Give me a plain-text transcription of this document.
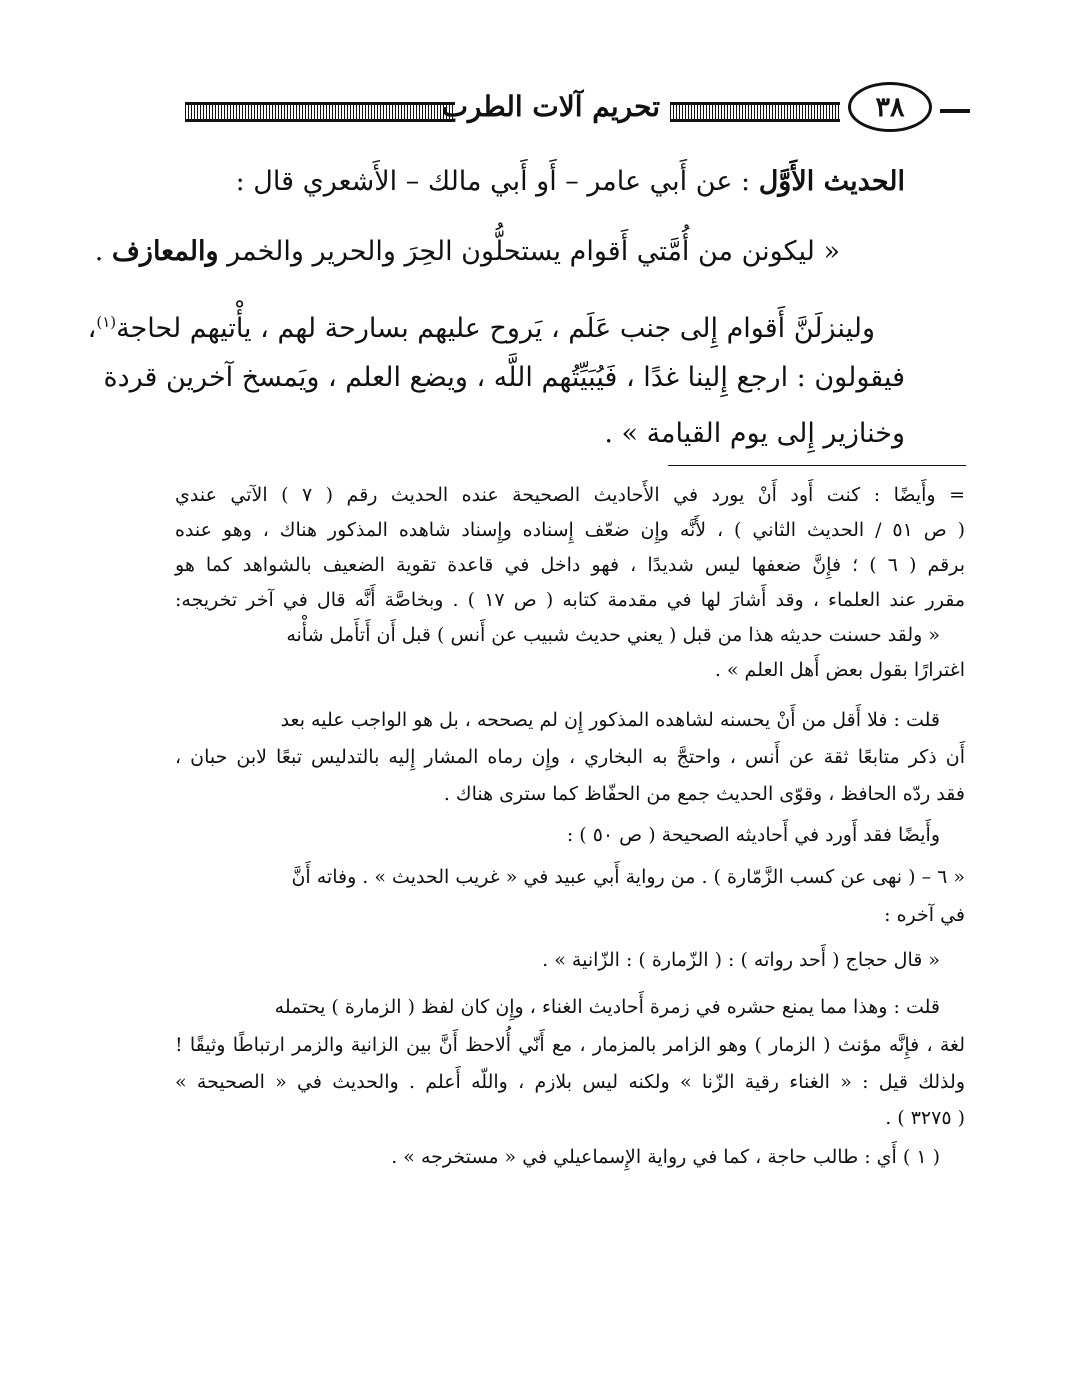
تحريم آلات الطرب	٣٨
الحديث الأَوَّل : عن أَبي عامر – أَو أَبي مالك – الأَشعري قال :
« ليكونن من أُمَّتي أَقوام يستحلُّون الحِرَ والحرير والخمر والمعازف .
ولينزلَنَّ أَقوام إِلى جنب عَلَم ، يَروح عليهم بسارحة لهم ، يأْتيهم لحاجة$^{(١)}$،
فيقولون : ارجع إِلينا غدًا ، فَيُبَيِّتُهم اللَّه ، ويضع العلم ، ويَمسخ آخرين قردة
وخنازير إِلى يوم القيامة » .
= وأَيضًا : كنت أَود أَنْ يورد في الأَحاديث الصحيحة عنده الحديث رقم ( ٧ ) الآتي عندي
( ص ٥١ / الحديث الثاني ) ، لأَنَّه وإِن ضعّف إِسناده وإِسناد شاهده المذكور هناك ، وهو عنده
برقم ( ٦ ) ؛ فإِنَّ ضعفها ليس شديدًا ، فهو داخل في قاعدة تقوية الضعيف بالشواهد كما هو
مقرر عند العلماء ، وقد أَشارَ لها في مقدمة كتابه ( ص ١٧ ) . وبخاصَّة أَنَّه قال في آخر تخريجه:
« ولقد حسنت حديثه هذا من قبل ( يعني حديث شبيب عن أَنس ) قبل أَن أَتأَمل شأْنه
اغترارًا بقول بعض أَهل العلم » .
قلت : فلا أَقل من أَنْ يحسنه لشاهده المذكور إِن لم يصححه ، بل هو الواجب عليه بعد
أَن ذكر متابعًا ثقة عن أَنس ، واحتجَّ به البخاري ، وإِن رماه المشار إِليه بالتدليس تبعًا لابن حبان ،
فقد ردّه الحافظ ، وقوّى الحديث جمع من الحفّاظ كما سترى هناك .
وأَيضًا فقد أَورد في أَحاديثه الصحيحة ( ص ٥٠ ) :
« ٦ – ( نهى عن كسب الزَّمّارة ) . من رواية أَبي عبيد في « غريب الحديث » . وفاته أَنَّ
في آخره :
« قال حجاج ( أَحد رواته ) : ( الزّمارة ) : الزّانية » .
قلت : وهذا مما يمنع حشره في زمرة أَحاديث الغناء ، وإِن كان لفظ ( الزمارة ) يحتمله
لغة ، فإِنَّه مؤنث ( الزمار ) وهو الزامر بالمزمار ، مع أَنّي أُلاحظ أَنَّ بين الزانية والزمر ارتباطًا وثيقًا !
ولذلك قيل : « الغناء رقية الزّنا » ولكنه ليس بلازم ، واللّه أَعلم . والحديث في « الصحيحة »
( ٣٢٧٥ ) .
( ١ ) أَي : طالب حاجة ، كما في رواية الإِسماعيلي في « مستخرجه » .
